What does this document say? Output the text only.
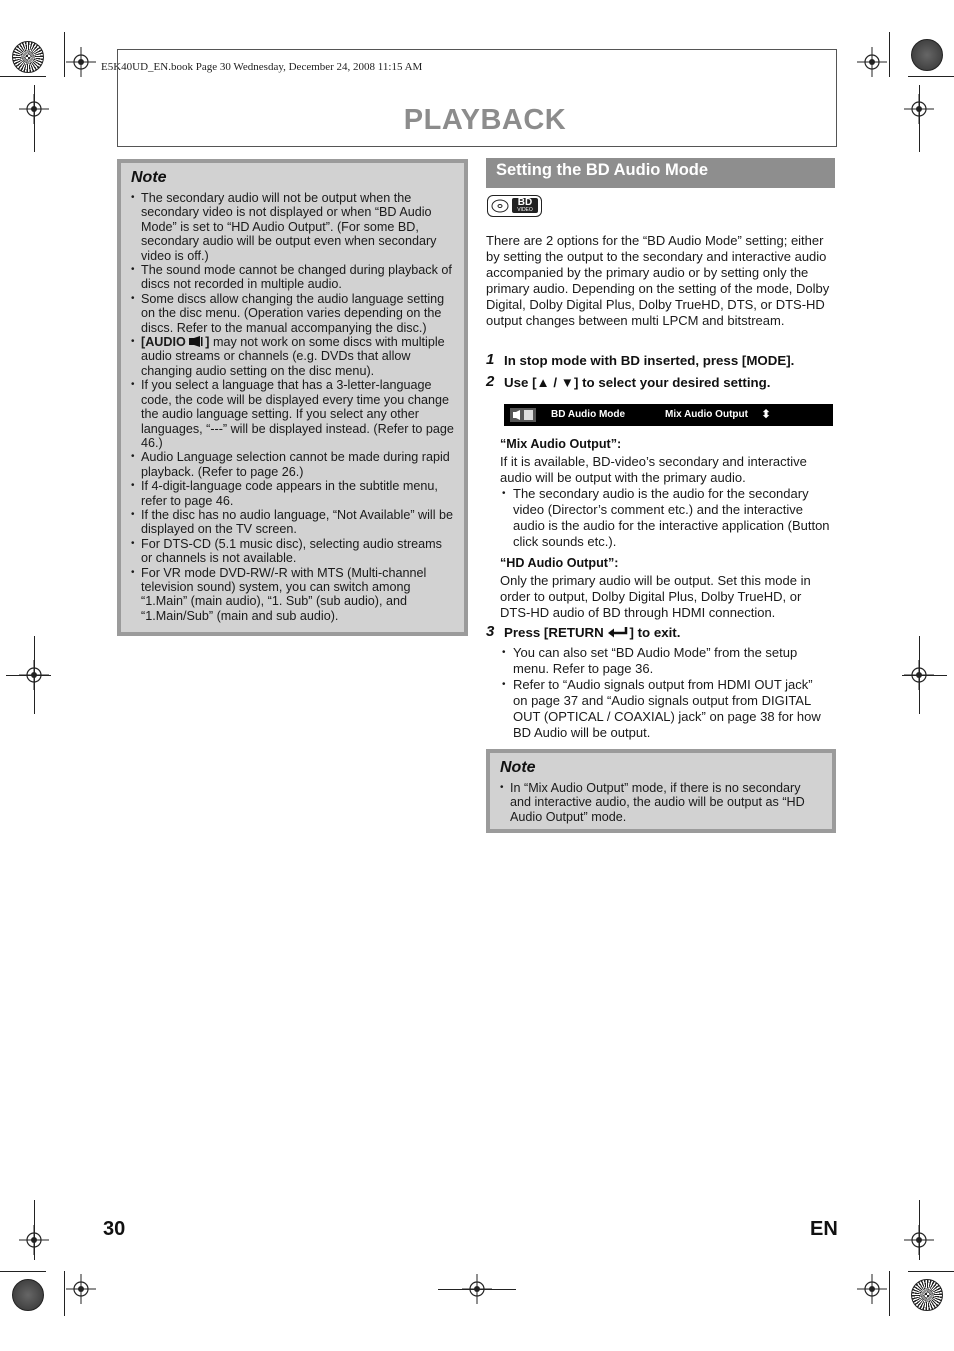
E5K40UD_EN.book Page 30 Wednesday, December 24, 2008 11:15 AM
PLAYBACK
Note
• The secondary audio will not be output when the secondary video is not displayed or when “BD Audio Mode” is set to “HD Audio Output”. (For some BD, secondary audio will be output even when secondary video is off.)
• The sound mode cannot be changed during playback of discs not recorded in multiple audio.
• Some discs allow changing the audio language setting on the disc menu. (Operation varies depending on the discs. Refer to the manual accompanying the disc.)
• [AUDIO ] may not work on some discs with multiple audio streams or channels (e.g. DVDs that allow changing audio setting on the disc menu).
• If you select a language that has a 3-letter-language code, the code will be displayed every time you change the audio language setting. If you select any other languages, “---” will be displayed instead. (Refer to page 46.)
• Audio Language selection cannot be made during rapid playback. (Refer to page 26.)
• If 4-digit-language code appears in the subtitle menu, refer to page 46.
• If the disc has no audio language, “Not Available” will be displayed on the TV screen.
• For DTS-CD (5.1 music disc), selecting audio streams or channels is not available.
• For VR mode DVD-RW/-R with MTS (Multi-channel television sound) system, you can switch among “1.Main” (main audio), “1. Sub” (sub audio), and “1.Main/Sub” (main and sub audio).
Setting the BD Audio Mode
BD
VIDEO
There are 2 options for the “BD Audio Mode” setting; either by setting the output to the secondary and interactive audio accompanied by the primary audio or by setting only the primary audio. Depending on the setting of the mode, Dolby Digital, Dolby Digital Plus, Dolby TrueHD, DTS, or DTS-HD output changes between multi LPCM and bitstream.
1 In stop mode with BD inserted, press [MODE].
2 Use [▲ / ▼] to select your desired setting.
BD Audio Mode	Mix Audio Output ⬍
“Mix Audio Output”:
If it is available, BD-video’s secondary and interactive audio will be output with the primary audio.
• The secondary audio is the audio for the secondary video (Director’s comment etc.) and the interactive audio is the audio for the interactive application (Button click sounds etc.).
“HD Audio Output”:
Only the primary audio will be output. Set this mode in order to output, Dolby Digital Plus, Dolby TrueHD, or DTS-HD audio of BD through HDMI connection.
3 Press [RETURN ] to exit.
• You can also set “BD Audio Mode” from the setup menu. Refer to page 36.
• Refer to “Audio signals output from HDMI OUT jack” on page 37 and “Audio signals output from DIGITAL OUT (OPTICAL / COAXIAL) jack” on page 38 for how BD Audio will be output.
Note
• In “Mix Audio Output” mode, if there is no secondary and interactive audio, the audio will be output as “HD Audio Output” mode.
30	EN
